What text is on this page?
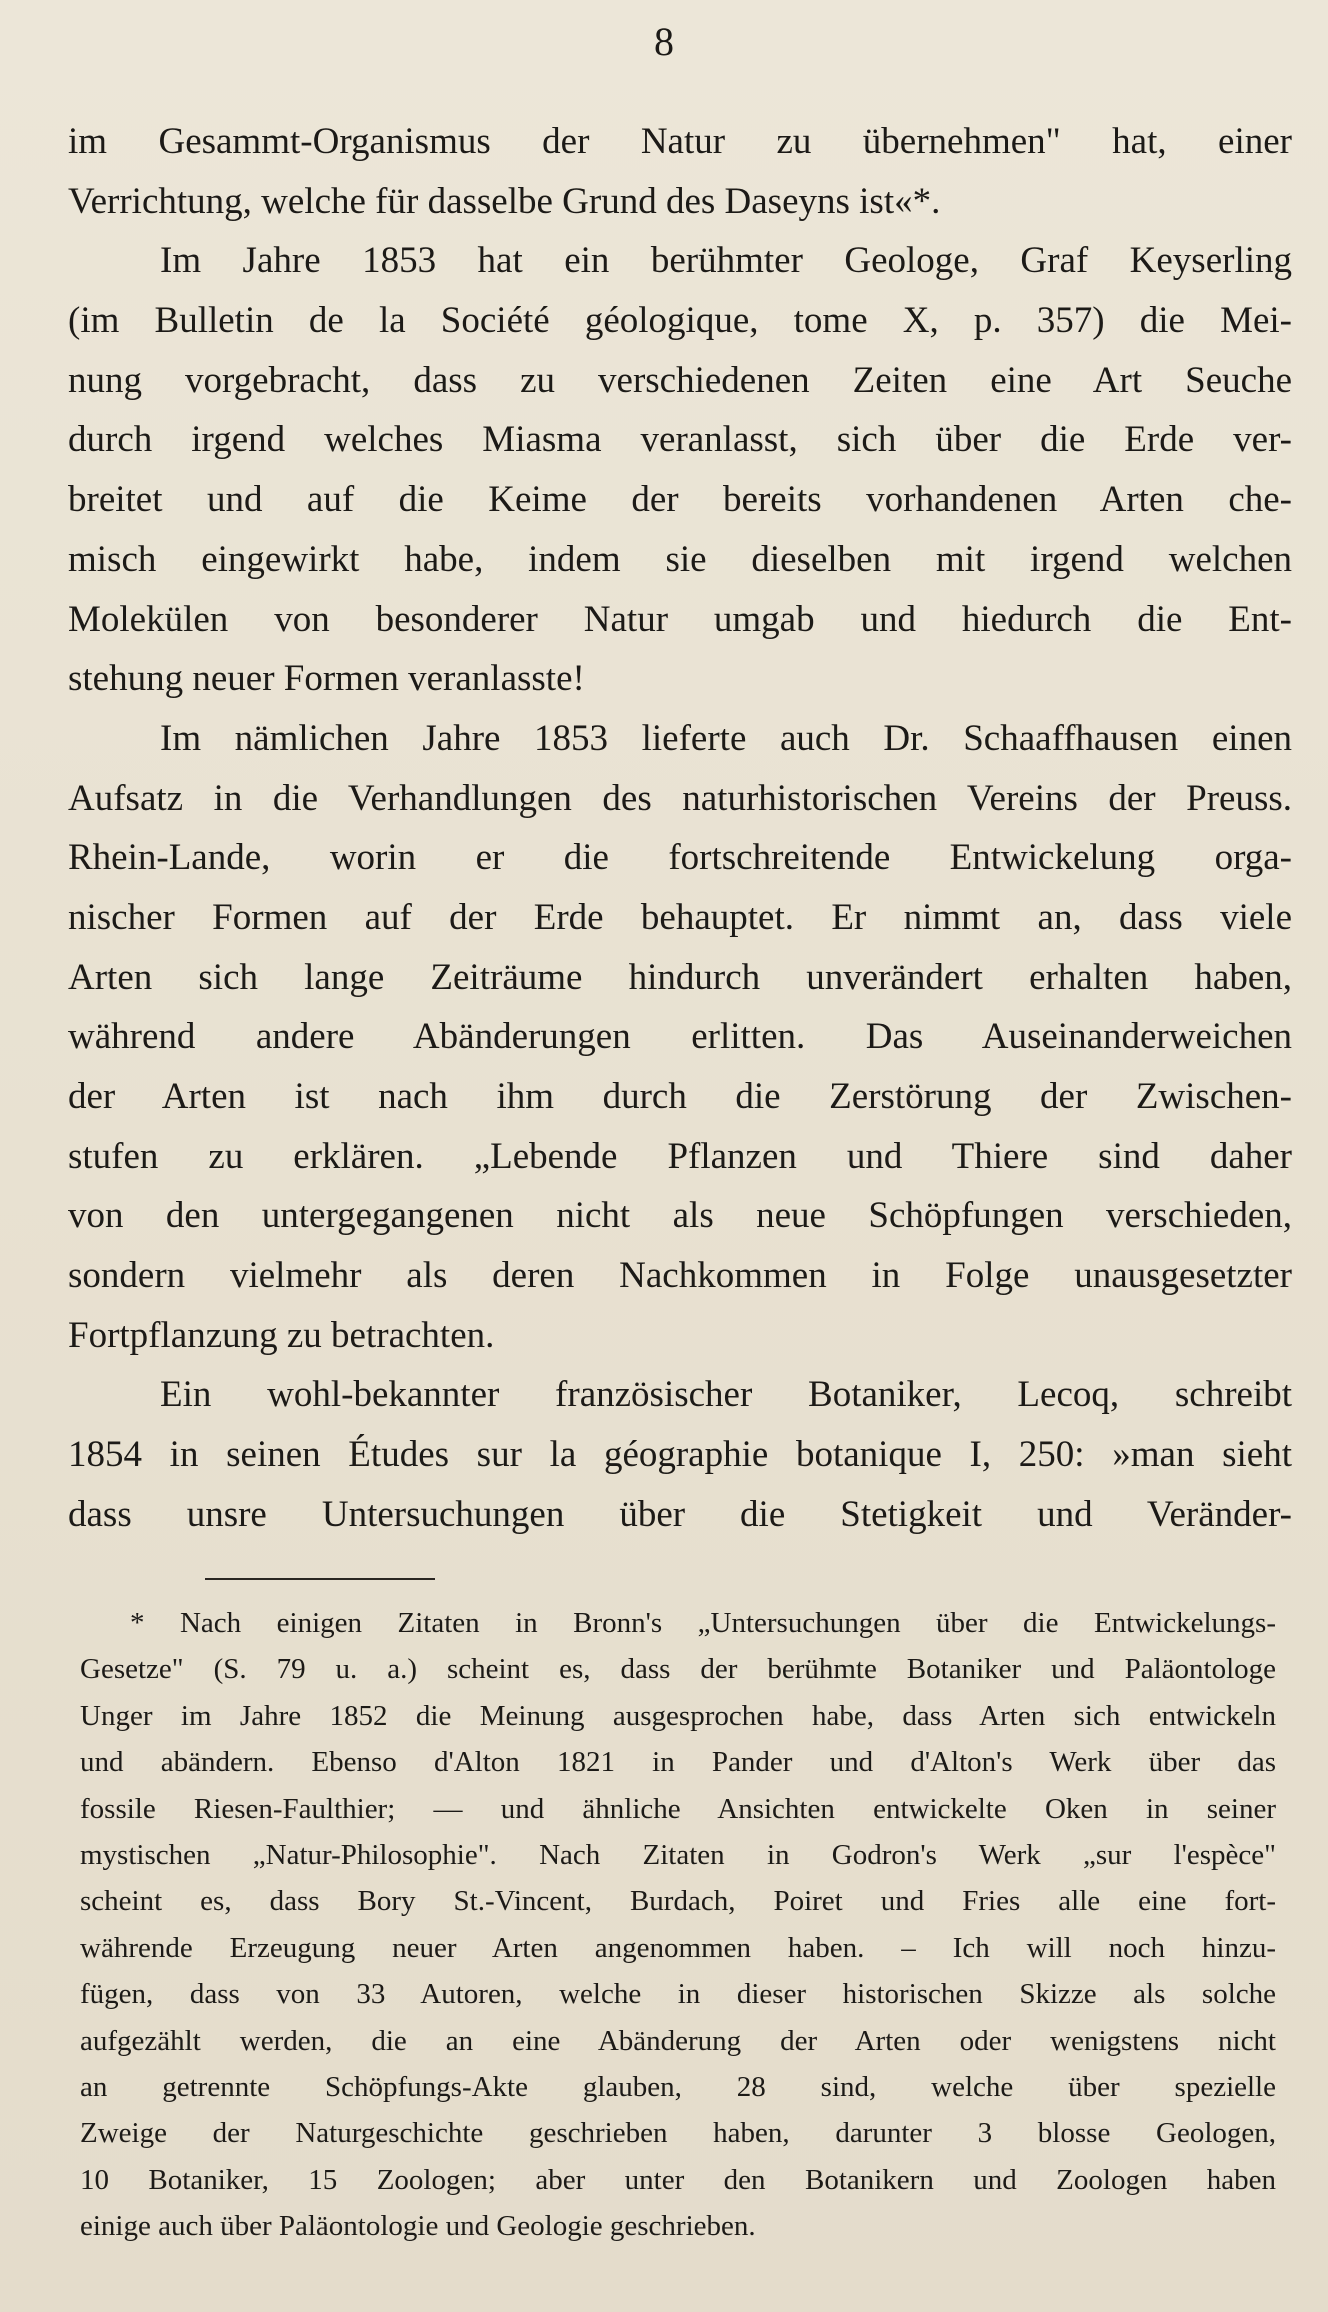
8
im Gesammt-Organismus der Natur zu übernehmen" hat, einer
Verrichtung, welche für dasselbe Grund des Daseyns ist«*.
Im Jahre 1853 hat ein berühmter Geologe, Graf Keyserling
(im Bulletin de la Société géologique, tome X, p. 357) die Mei-
nung vorgebracht, dass zu verschiedenen Zeiten eine Art Seuche
durch irgend welches Miasma veranlasst, sich über die Erde ver-
breitet und auf die Keime der bereits vorhandenen Arten che-
misch eingewirkt habe, indem sie dieselben mit irgend welchen
Molekülen von besonderer Natur umgab und hiedurch die Ent-
stehung neuer Formen veranlasste!
Im nämlichen Jahre 1853 lieferte auch Dr. Schaaffhausen einen
Aufsatz in die Verhandlungen des naturhistorischen Vereins der Preuss.
Rhein-Lande, worin er die fortschreitende Entwickelung orga-
nischer Formen auf der Erde behauptet. Er nimmt an, dass viele
Arten sich lange Zeiträume hindurch unverändert erhalten haben,
während andere Abänderungen erlitten. Das Auseinanderweichen
der Arten ist nach ihm durch die Zerstörung der Zwischen-
stufen zu erklären. „Lebende Pflanzen und Thiere sind daher
von den untergegangenen nicht als neue Schöpfungen verschieden,
sondern vielmehr als deren Nachkommen in Folge unausgesetzter
Fortpflanzung zu betrachten.
Ein wohl-bekannter französischer Botaniker, Lecoq, schreibt
1854 in seinen Études sur la géographie botanique I, 250: »man sieht
dass unsre Untersuchungen über die Stetigkeit und Veränder-
* Nach einigen Zitaten in Bronn's „Untersuchungen über die Entwickelungs-
Gesetze" (S. 79 u. a.) scheint es, dass der berühmte Botaniker und Paläontologe
Unger im Jahre 1852 die Meinung ausgesprochen habe, dass Arten sich entwickeln
und abändern. Ebenso d'Alton 1821 in Pander und d'Alton's Werk über das
fossile Riesen-Faulthier; — und ähnliche Ansichten entwickelte Oken in seiner
mystischen „Natur-Philosophie". Nach Zitaten in Godron's Werk „sur l'espèce"
scheint es, dass Bory St.-Vincent, Burdach, Poiret und Fries alle eine fort-
währende Erzeugung neuer Arten angenommen haben. – Ich will noch hinzu-
fügen, dass von 33 Autoren, welche in dieser historischen Skizze als solche
aufgezählt werden, die an eine Abänderung der Arten oder wenigstens nicht
an getrennte Schöpfungs-Akte glauben, 28 sind, welche über spezielle
Zweige der Naturgeschichte geschrieben haben, darunter 3 blosse Geologen,
10 Botaniker, 15 Zoologen; aber unter den Botanikern und Zoologen haben
einige auch über Paläontologie und Geologie geschrieben.
